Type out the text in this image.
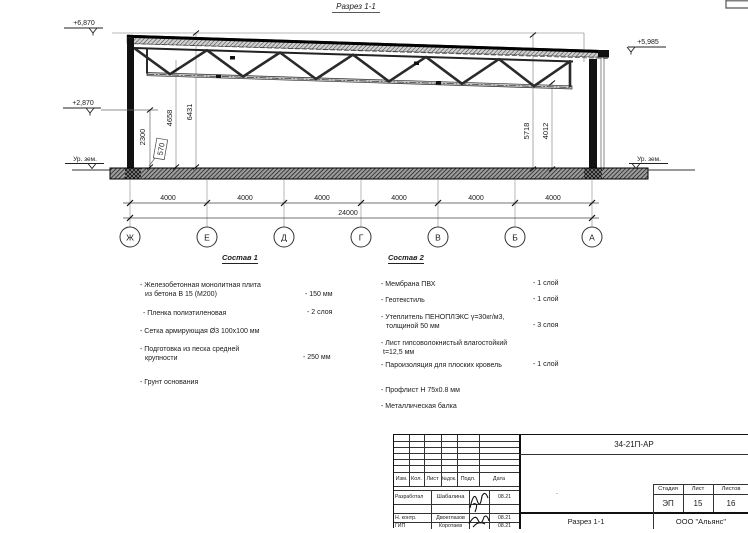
Разрез 1-1
+6,870
+2,870
+5,985
Ур. зем.	Ур. зем.
2300
4658 6431
5718 4012
570
4000	4000	4000	4000	4000	4000
24000
Ж	Е	Д	Г	В	Б	А
Состав 1
- Железобетонная монолитная плита
из бетона В 15 (М200)	- 150 мм
- Пленка полиэтиленовая	- 2 слоя
- Сетка армирующая Ø3 100х100 мм
- Подготовка из песка средней
крупности	- 250 мм
- Грунт основания
Состав 2
- Мембрана ПВХ	- 1 слой
- Геотекстиль	- 1 слой
- Утеплитель ПЕНОПЛЭКС γ=30кг/м3,
толщиной 50 мм	- 3 слоя
- Лист гипсоволокнистый влагостойкий
t=12,5 мм
- Пароизоляция для плоских кровель	- 1 слой
- Профлист Н 75х0.8 мм
- Металлическая балка
34-21П-АР
Изм. Кол. Лист №док. Подл.	Дата
Разработал	Шабалина	08.21
Н. контр.	Двоеглазов	08.21
ГИП	Коротаев	08.21
Стадия	Лист	Листов
ЭП	15	16
.
Разрез 1-1	ООО "Альянс"
